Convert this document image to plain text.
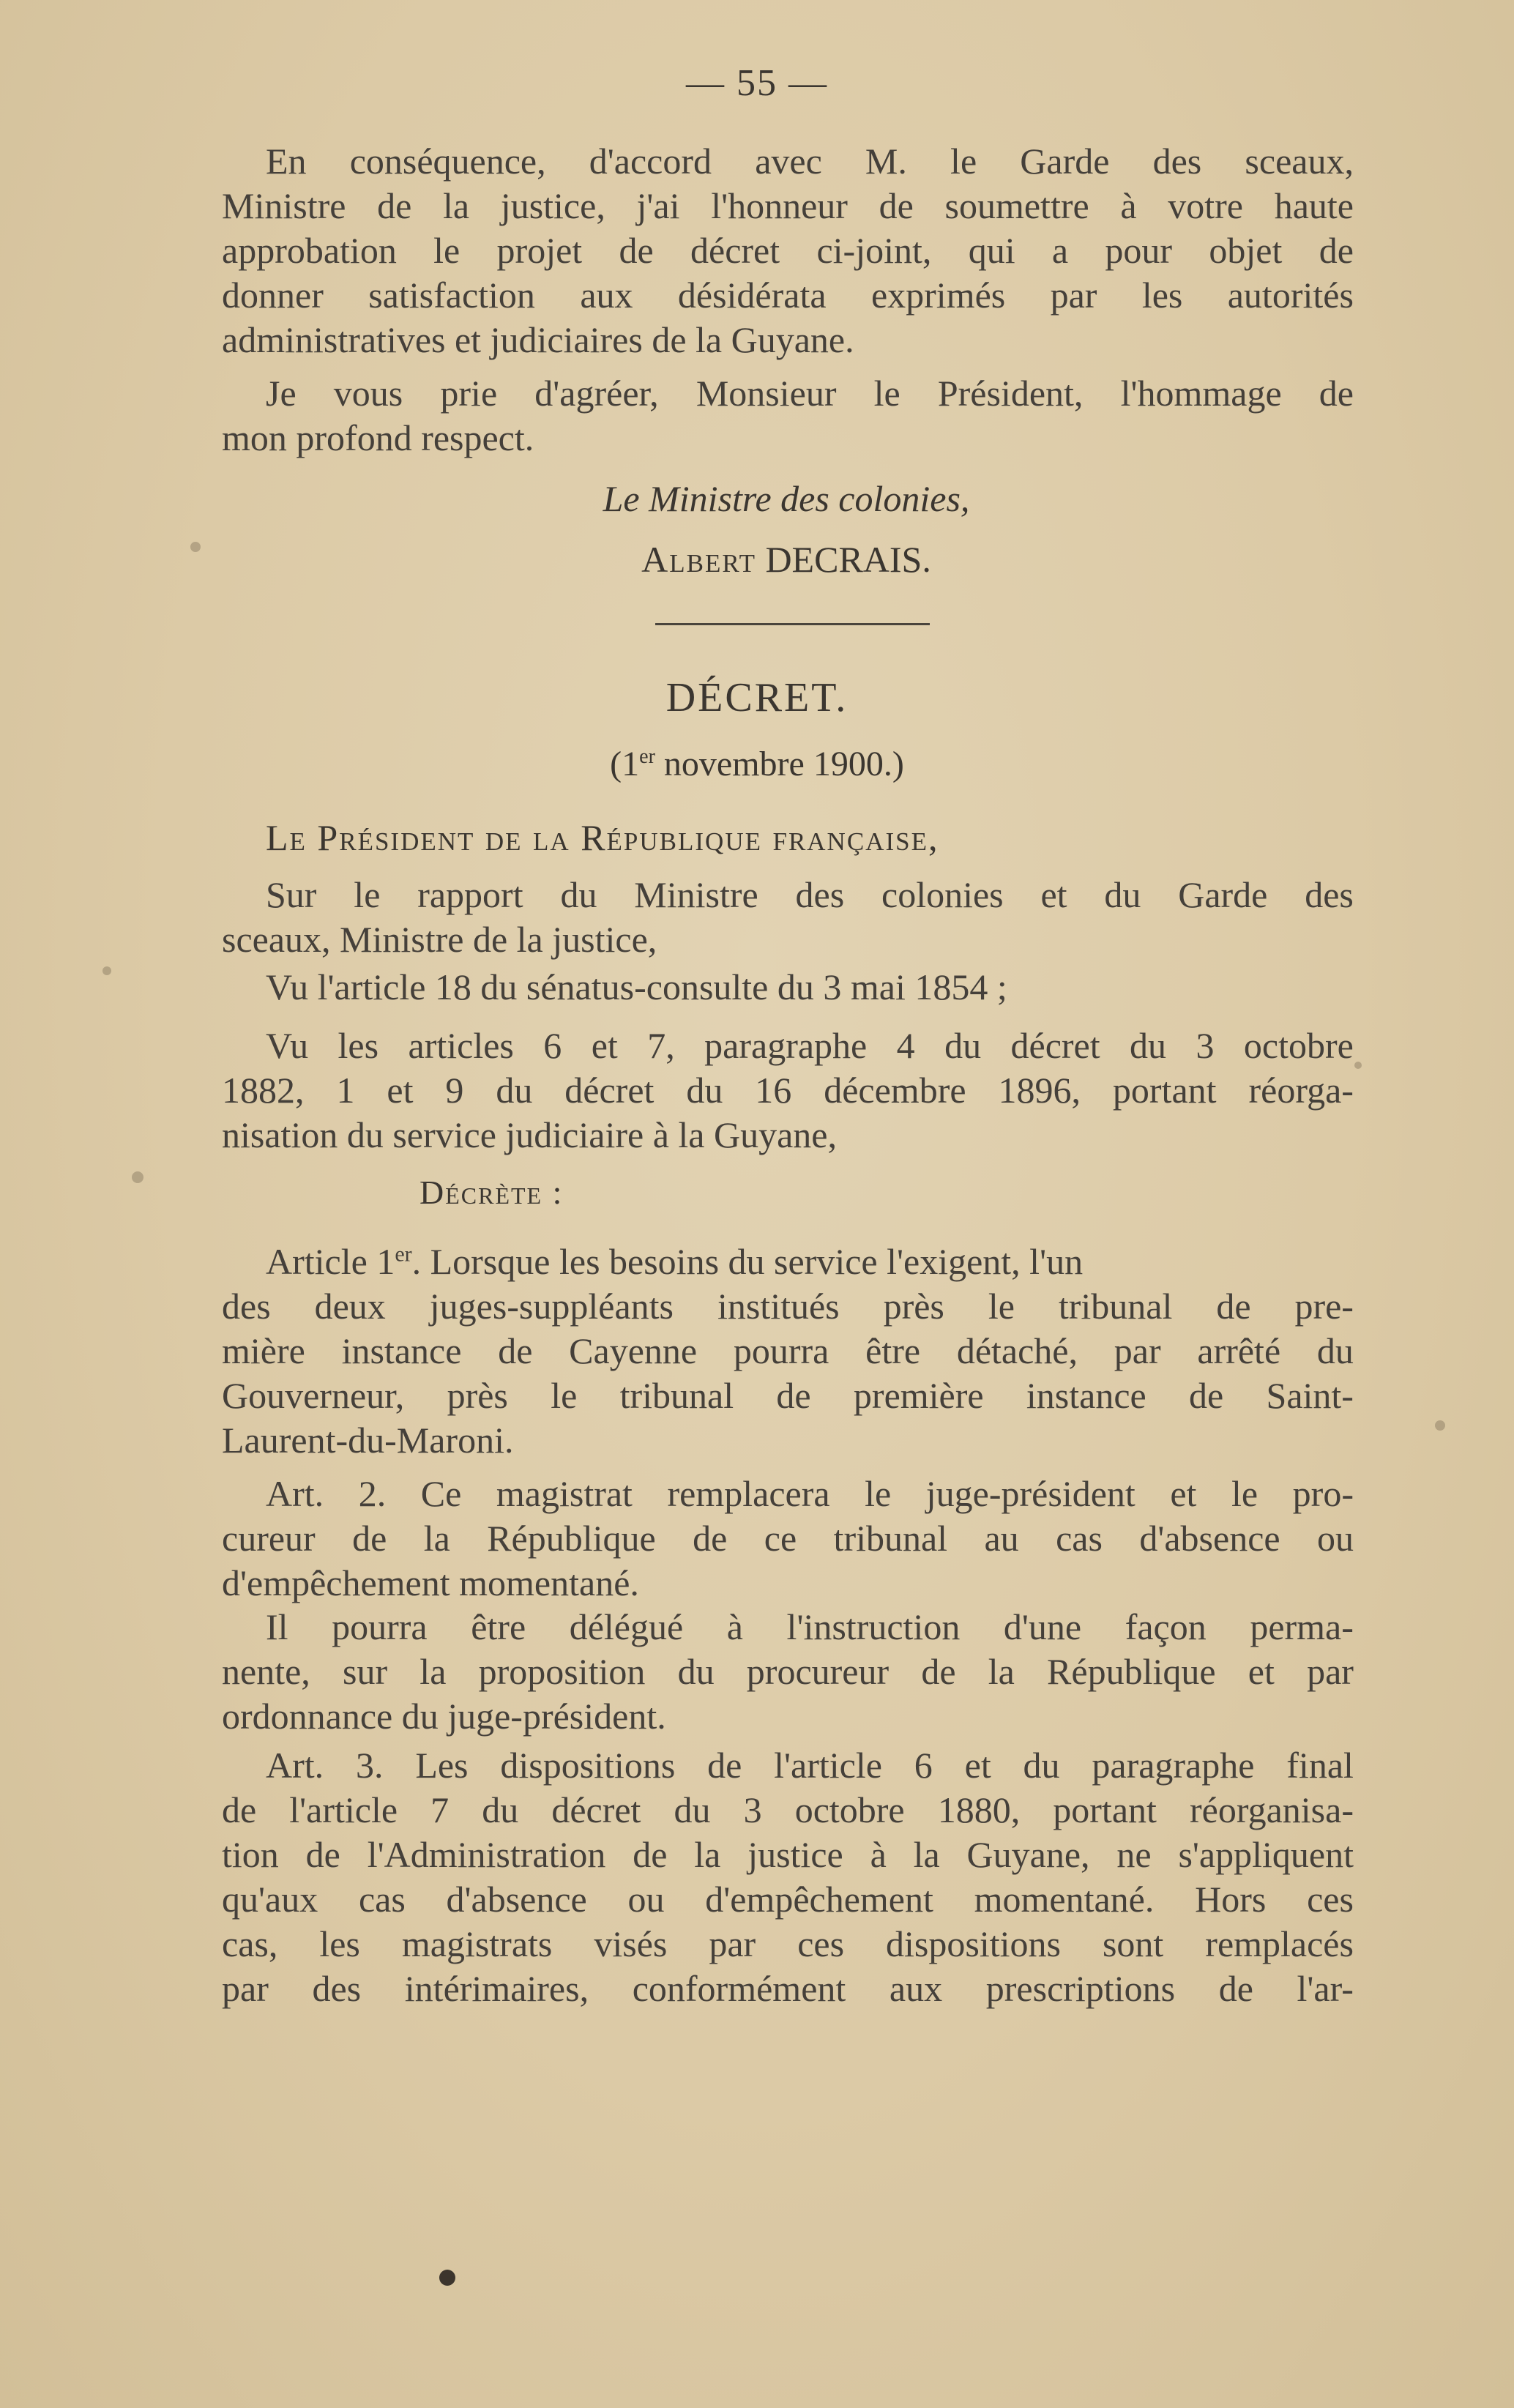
— 55 —
En conséquence, d'accord avec M. le Garde des sceaux,
Ministre de la justice, j'ai l'honneur de soumettre à votre haute
approbation le projet de décret ci-joint, qui a pour objet de
donner satisfaction aux désidérata exprimés par les autorités
administratives et judiciaires de la Guyane.
Je vous prie d'agréer, Monsieur le Président, l'hommage de
mon profond respect.
Le Ministre des colonies,
Albert DECRAIS.
DÉCRET.
(1er novembre 1900.)
Le Président de la République française,
Sur le rapport du Ministre des colonies et du Garde des
sceaux, Ministre de la justice,
Vu l'article 18 du sénatus-consulte du 3 mai 1854 ;
Vu les articles 6 et 7, paragraphe 4 du décret du 3 octobre
1882, 1 et 9 du décret du 16 décembre 1896, portant réorga-
nisation du service judiciaire à la Guyane,
Décrète :
Article 1er. Lorsque les besoins du service l'exigent, l'un
des deux juges-suppléants institués près le tribunal de pre-
mière instance de Cayenne pourra être détaché, par arrêté du
Gouverneur, près le tribunal de première instance de Saint-
Laurent-du-Maroni.
Art. 2. Ce magistrat remplacera le juge-président et le pro-
cureur de la République de ce tribunal au cas d'absence ou
d'empêchement momentané.
Il pourra être délégué à l'instruction d'une façon perma-
nente, sur la proposition du procureur de la République et par
ordonnance du juge-président.
Art. 3. Les dispositions de l'article 6 et du paragraphe final
de l'article 7 du décret du 3 octobre 1880, portant réorganisa-
tion de l'Administration de la justice à la Guyane, ne s'appliquent
qu'aux cas d'absence ou d'empêchement momentané. Hors ces
cas, les magistrats visés par ces dispositions sont remplacés
par des intérimaires, conformément aux prescriptions de l'ar-
